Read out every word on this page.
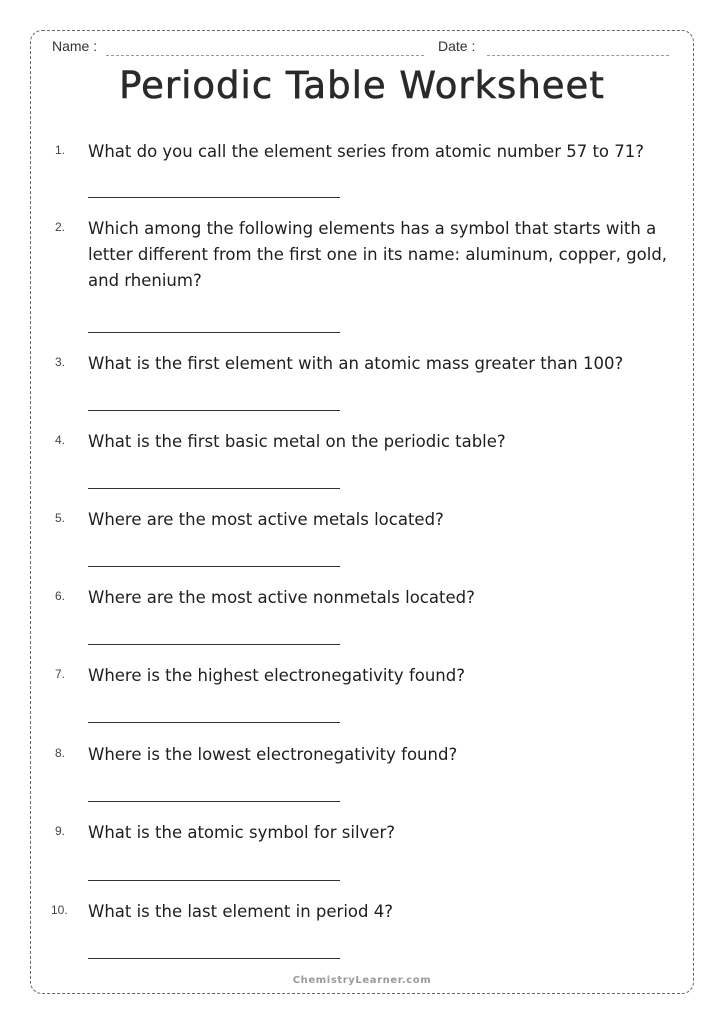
Name :	Date :
Periodic Table Worksheet
1. What do you call the element series from atomic number 57 to 71?
2. Which among the following elements has a symbol that starts with a letter different from the first one in its name: aluminum, copper, gold, and rhenium?
3. What is the first element with an atomic mass greater than 100?
4. What is the first basic metal on the periodic table?
5. Where are the most active metals located?
6. Where are the most active nonmetals located?
7. Where is the highest electronegativity found?
8. Where is the lowest electronegativity found?
9. What is the atomic symbol for silver?
10. What is the last element in period 4?
ChemistryLearner.com
